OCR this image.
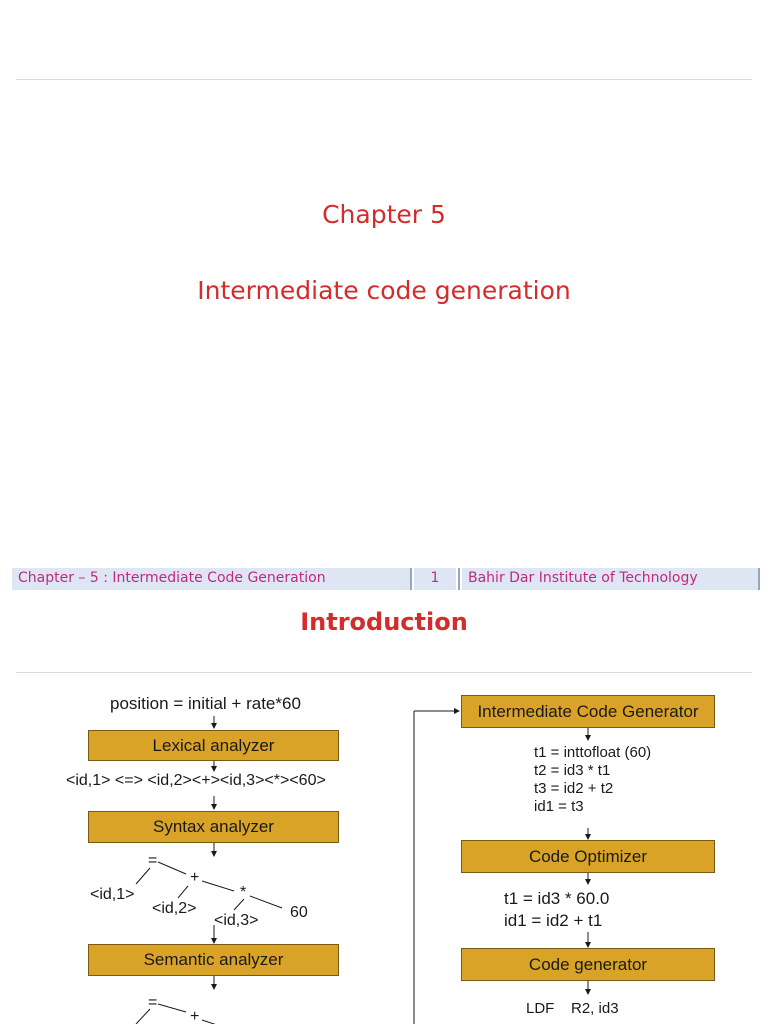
Chapter 5
Intermediate code generation
Chapter – 5 : Intermediate Code Generation	1	Bahir Dar Institute of Technology
Introduction
position = initial + rate*60
Lexical analyzer
<id,1> <=> <id,2><+><id,3><*><60>
Syntax analyzer
=
+
*
<id,1>
<id,2>
<id,3> 60
Semantic analyzer
=
+
Intermediate Code Generator
t1 = inttofloat (60)
t2 = id3 * t1
t3 = id2 + t2
id1 = t3
Code Optimizer
t1 = id3 * 60.0
id1 = id2 + t1
Code generator
LDF    R2, id3
